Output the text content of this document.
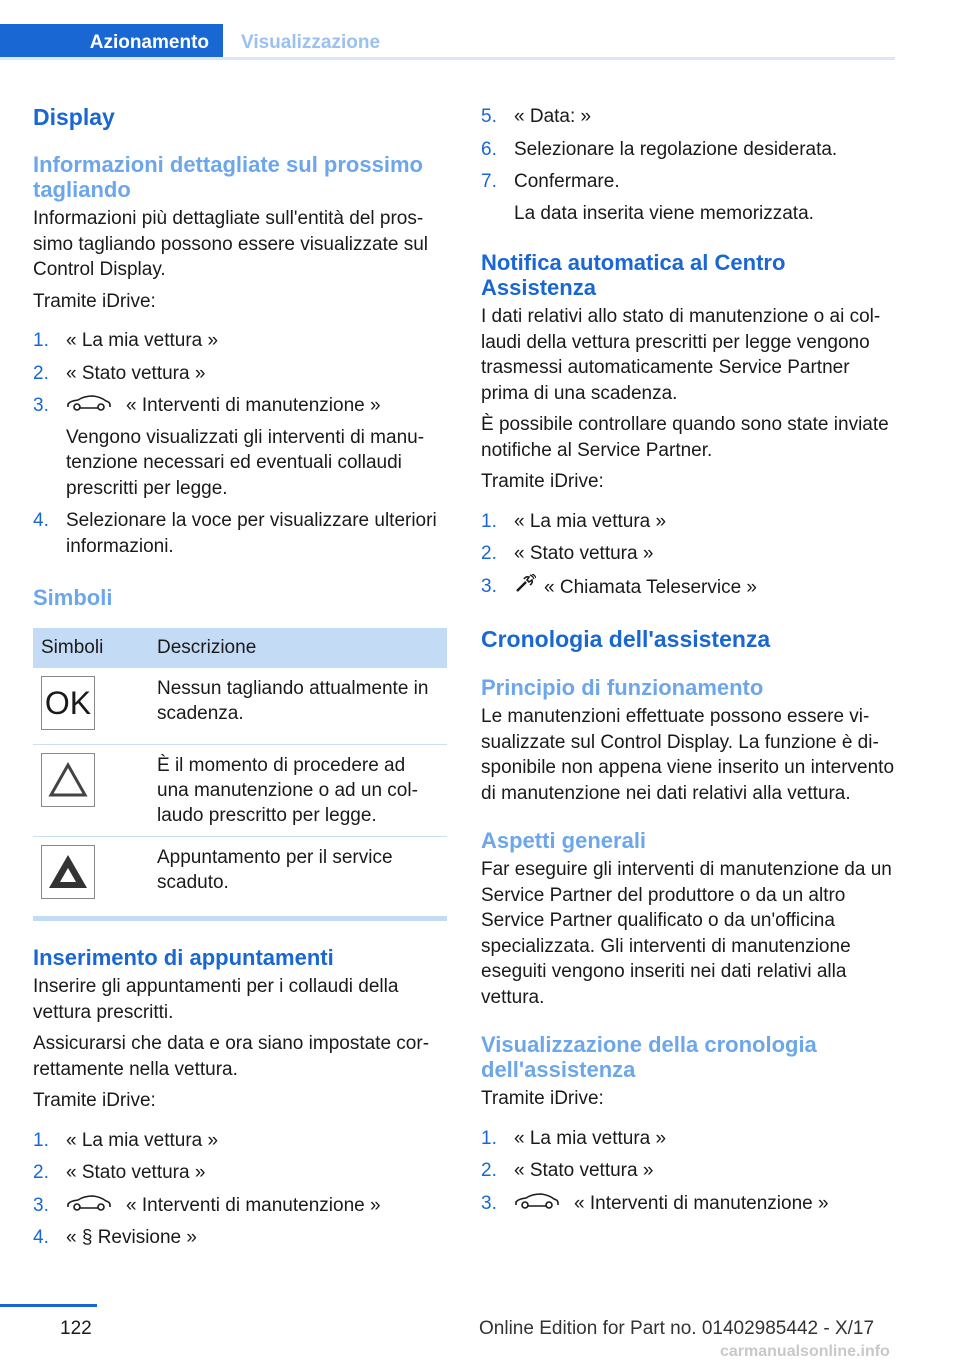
Azionamento	Visualizzazione
Display
Informazioni dettagliate sul prossimo tagliando

Informazioni più dettagliate sull'entità del prossimo tagliando possono essere visualizzate sul Control Display.

Tramite iDrive:

1. « La mia vettura »
2. « Stato vettura »
3.	« Interventi di manutenzione »

Vengono visualizzati gli interventi di manutenzione necessari ed eventuali collaudi prescritti per legge.

4. Selezionare la voce per visualizzare ulteriori informazioni.
Simboli
Simboli	Descrizione

OK	Nessun tagliando attualmente in scadenza.

	È il momento di procedere ad una manutenzione o ad un collaudo prescritto per legge.

	Appuntamento per il service scaduto.
Inserimento di appuntamenti

Inserire gli appuntamenti per i collaudi della vettura prescritti.

Assicurarsi che data e ora siano impostate correttamente nella vettura.

Tramite iDrive:

1. « La mia vettura »
2. « Stato vettura »
3.	« Interventi di manutenzione »
4. « § Revisione »
5. « Data: »
6. Selezionare la regolazione desiderata.
7. Confermare.

La data inserita viene memorizzata.

Notifica automatica al Centro Assistenza

I dati relativi allo stato di manutenzione o ai collaudi della vettura prescritti per legge vengono trasmessi automaticamente Service Partner prima di una scadenza.

È possibile controllare quando sono state inviate notifiche al Service Partner.

Tramite iDrive:

1. « La mia vettura »
2. « Stato vettura »
3. « Chiamata Teleservice »
Cronologia dell'assistenza
Principio di funzionamento

Le manutenzioni effettuate possono essere visualizzate sul Control Display. La funzione è disponibile non appena viene inserito un intervento di manutenzione nei dati relativi alla vettura.

Aspetti generali

Far eseguire gli interventi di manutenzione da un Service Partner del produttore o da un altro Service Partner qualificato o da un'officina specializzata. Gli interventi di manutenzione eseguiti vengono inseriti nei dati relativi alla vettura.

Visualizzazione della cronologia dell'assistenza

Tramite iDrive:

1. « La mia vettura »
2. « Stato vettura »
3.	« Interventi di manutenzione »
122	Online Edition for Part no. 01402985442 - X/17
carmanualsonline.info
